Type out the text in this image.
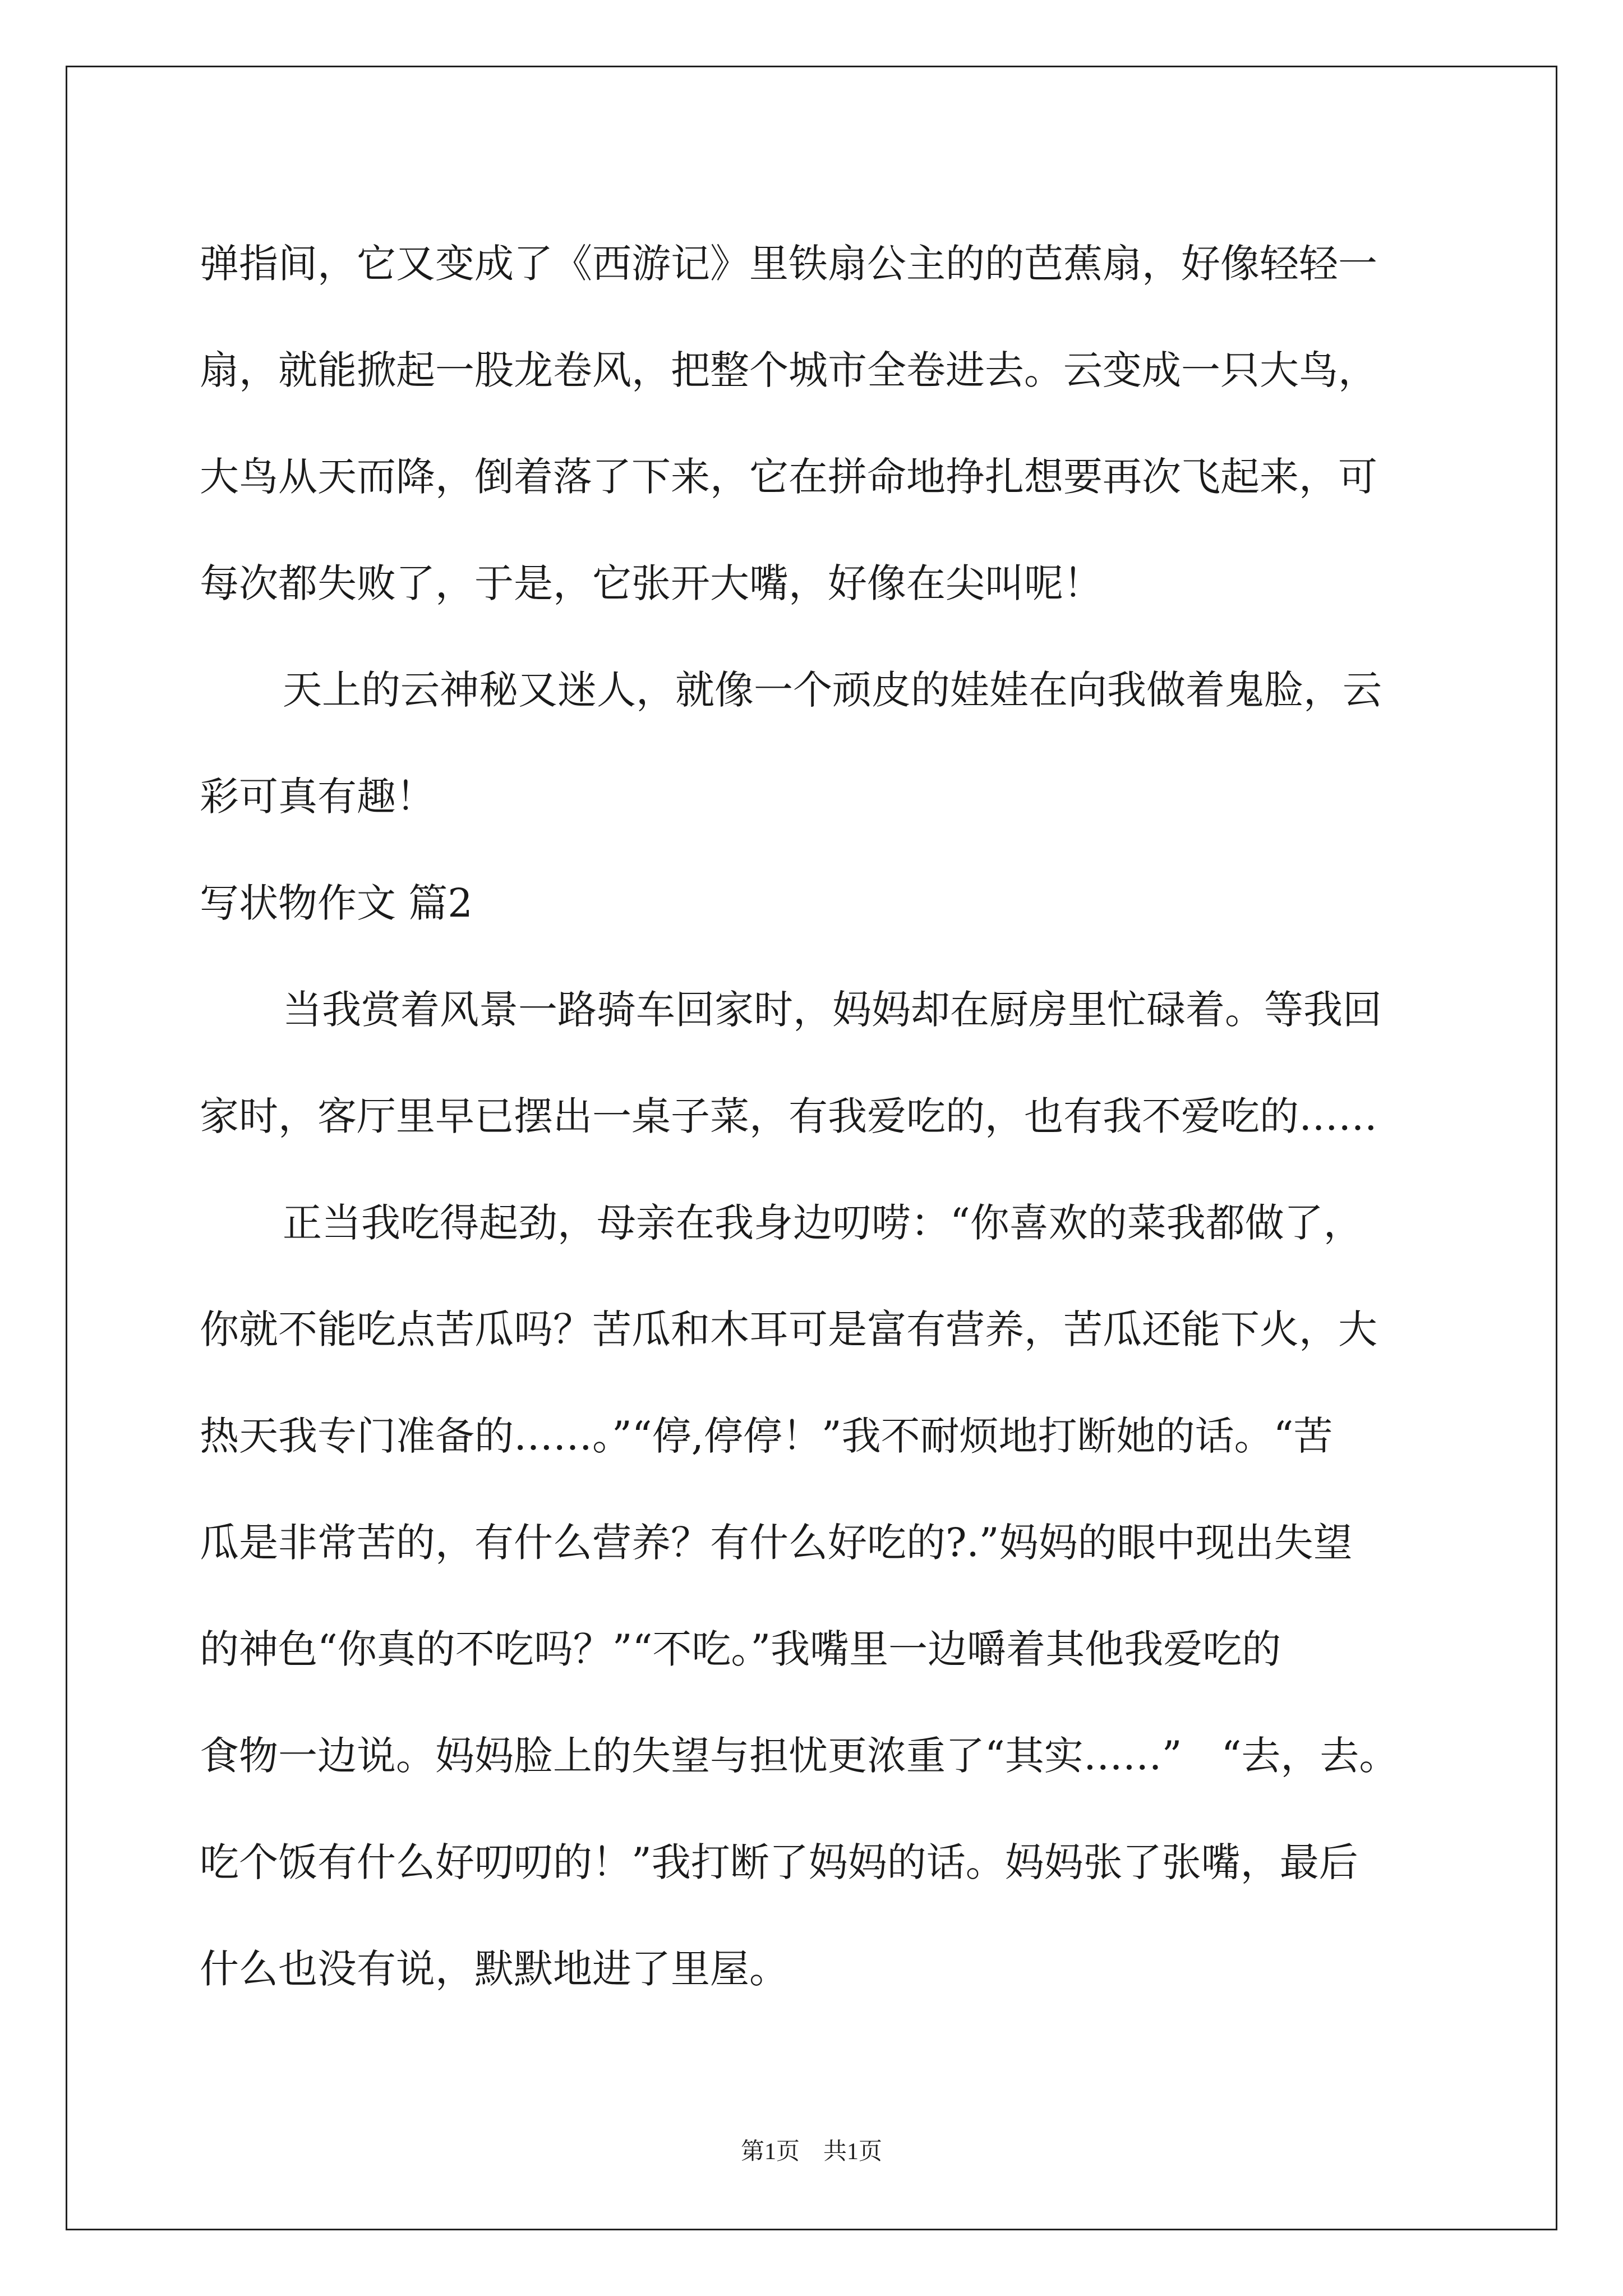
弹指间，它又变成了《西游记》里铁扇公主的的芭蕉扇，好像轻轻一
扇，就能掀起一股龙卷风，把整个城市全卷进去。云变成一只大鸟，
大鸟从天而降，倒着落了下来，它在拼命地挣扎想要再次飞起来，可
每次都失败了，于是，它张开大嘴，好像在尖叫呢！
天上的云神秘又迷人，就像一个顽皮的娃娃在向我做着鬼脸，云
彩可真有趣！
写状物作文 篇2
当我赏着风景一路骑车回家时，妈妈却在厨房里忙碌着。等我回
家时，客厅里早已摆出一桌子菜，有我爱吃的，也有我不爱吃的……
正当我吃得起劲，母亲在我身边叨唠：“你喜欢的菜我都做了，
你就不能吃点苦瓜吗？苦瓜和木耳可是富有营养，苦瓜还能下火，大
热天我专门准备的……。”“停,停停！”我不耐烦地打断她的话。“苦
瓜是非常苦的，有什么营养？有什么好吃的?.”妈妈的眼中现出失望
的神色“你真的不吃吗？”“不吃。”我嘴里一边嚼着其他我爱吃的
食物一边说。妈妈脸上的失望与担忧更浓重了“其实……”　“去，去。
吃个饭有什么好叨叨的！”我打断了妈妈的话。妈妈张了张嘴，最后
什么也没有说，默默地进了里屋。
第1页　共1页
